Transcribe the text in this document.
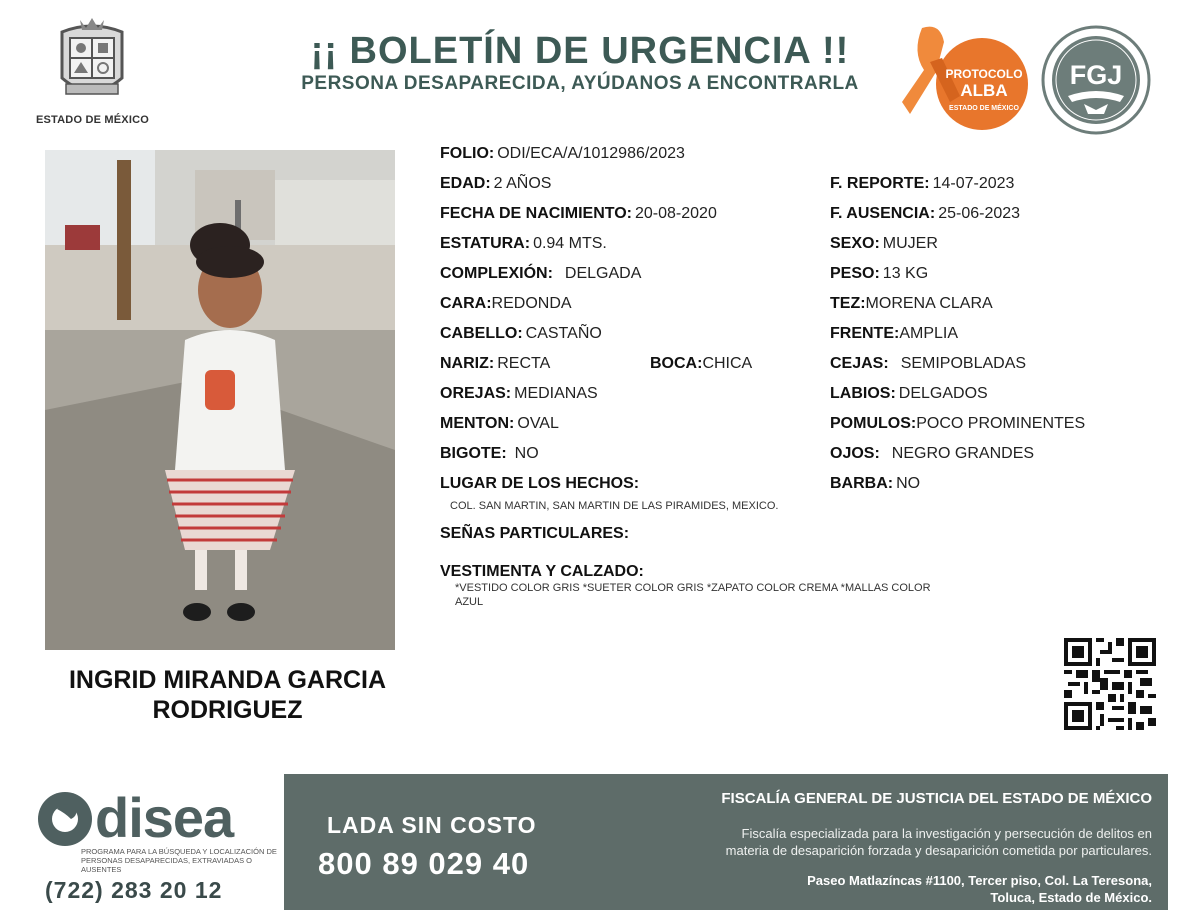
ESTADO DE MÉXICO
¡¡ BOLETÍN DE URGENCIA !!
PERSONA DESAPARECIDA, AYÚDANOS A ENCONTRARLA	PROTOCOLO
ALBA
ESTADO DE MÉXICO
FGJ
INGRID MIRANDA GARCIA
RODRIGUEZ
FOLIO: ODI/ECA/A/1012986/2023
EDAD: 2 AÑOS	F. REPORTE: 14-07-2023
FECHA DE NACIMIENTO: 20-08-2020	F. AUSENCIA: 25-06-2023
ESTATURA: 0.94 MTS.	SEXO: MUJER
COMPLEXIÓN: DELGADA	PESO: 13 KG
CARA:REDONDA	TEZ:MORENA CLARA
CABELLO: CASTAÑO	FRENTE:AMPLIA
NARIZ: RECTA	BOCA:CHICA	CEJAS: SEMIPOBLADAS
OREJAS: MEDIANAS	LABIOS: DELGADOS
MENTON: OVAL	POMULOS:POCO PROMINENTES
BIGOTE: NO	OJOS: NEGRO GRANDES
LUGAR DE LOS HECHOS:	BARBA: NO
COL. SAN MARTIN, SAN MARTIN DE LAS PIRAMIDES, MEXICO.
SEÑAS PARTICULARES:
VESTIMENTA Y CALZADO:
*VESTIDO COLOR GRIS *SUETER COLOR GRIS *ZAPATO COLOR CREMA *MALLAS COLOR
AZUL
disea
PROGRAMA PARA LA BÚSQUEDA Y LOCALIZACIÓN DE PERSONAS DESAPARECIDAS, EXTRAVIADAS O AUSENTES
(722) 283 20 12
LADA SIN COSTO
800 89 029 40
FISCALÍA GENERAL DE JUSTICIA DEL ESTADO DE MÉXICO
Fiscalía especializada para la investigación y persecución de delitos en
materia de desaparición forzada y desaparición cometida por particulares.
Paseo Matlazíncas #1100, Tercer piso, Col. La Teresona,
Toluca, Estado de México.
